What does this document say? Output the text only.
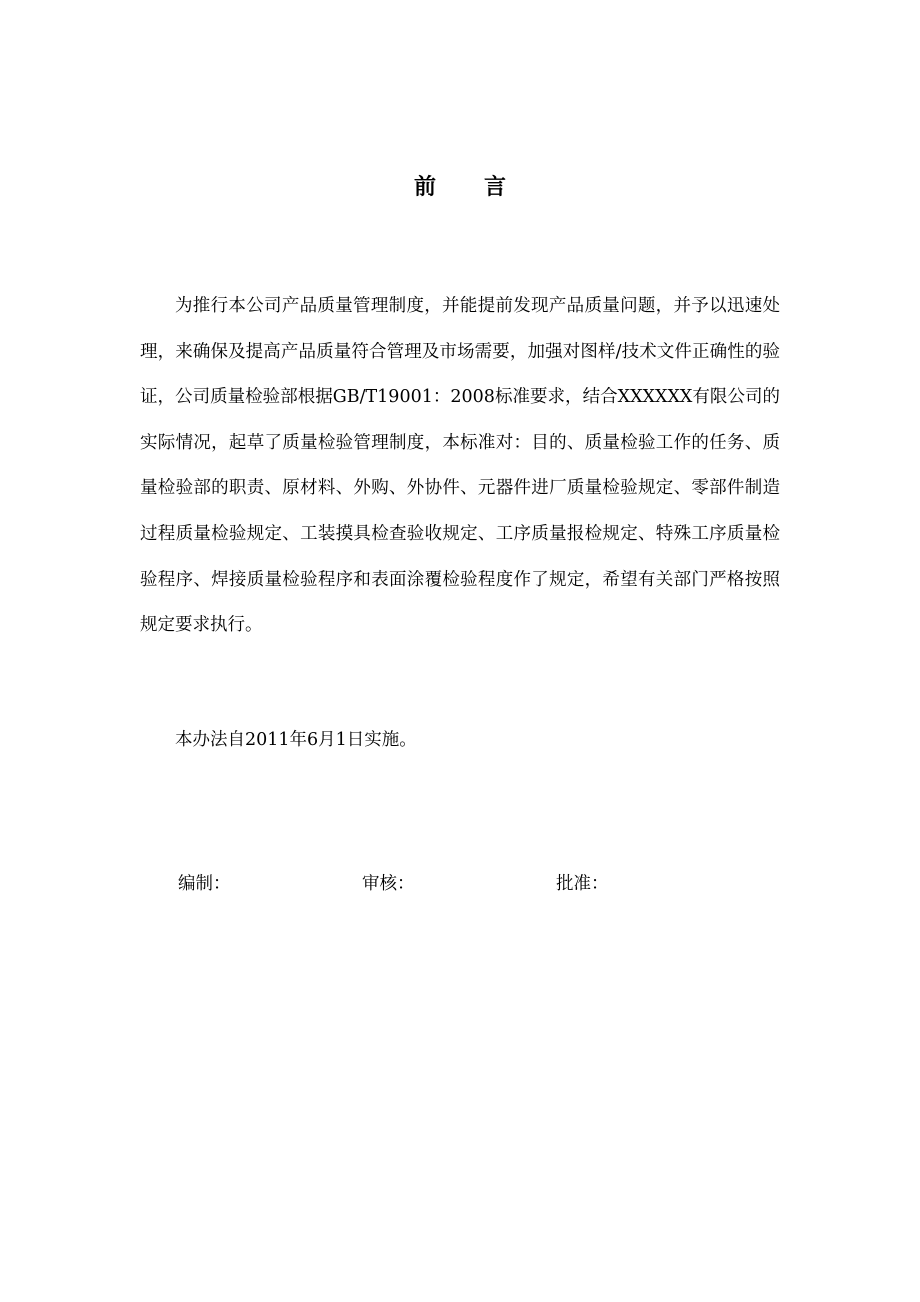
前言

为推行本公司产品质量管理制度，并能提前发现产品质量问题，并予以迅速处理，来确保及提高产品质量符合管理及市场需要，加强对图样/技术文件正确性的验证，公司质量检验部根据GB/T19001：2008标准要求，结合XXXXXX有限公司的实际情况，起草了质量检验管理制度，本标准对：目的、质量检验工作的任务、质量检验部的职责、原材料、外购、外协件、元器件进厂质量检验规定、零部件制造过程质量检验规定、工装摸具检查验收规定、工序质量报检规定、特殊工序质量检验程序、焊接质量检验程序和表面涂覆检验程度作了规定，希望有关部门严格按照规定要求执行。

本办法自2011年6月1日实施。

编制：	审核：	批准：
